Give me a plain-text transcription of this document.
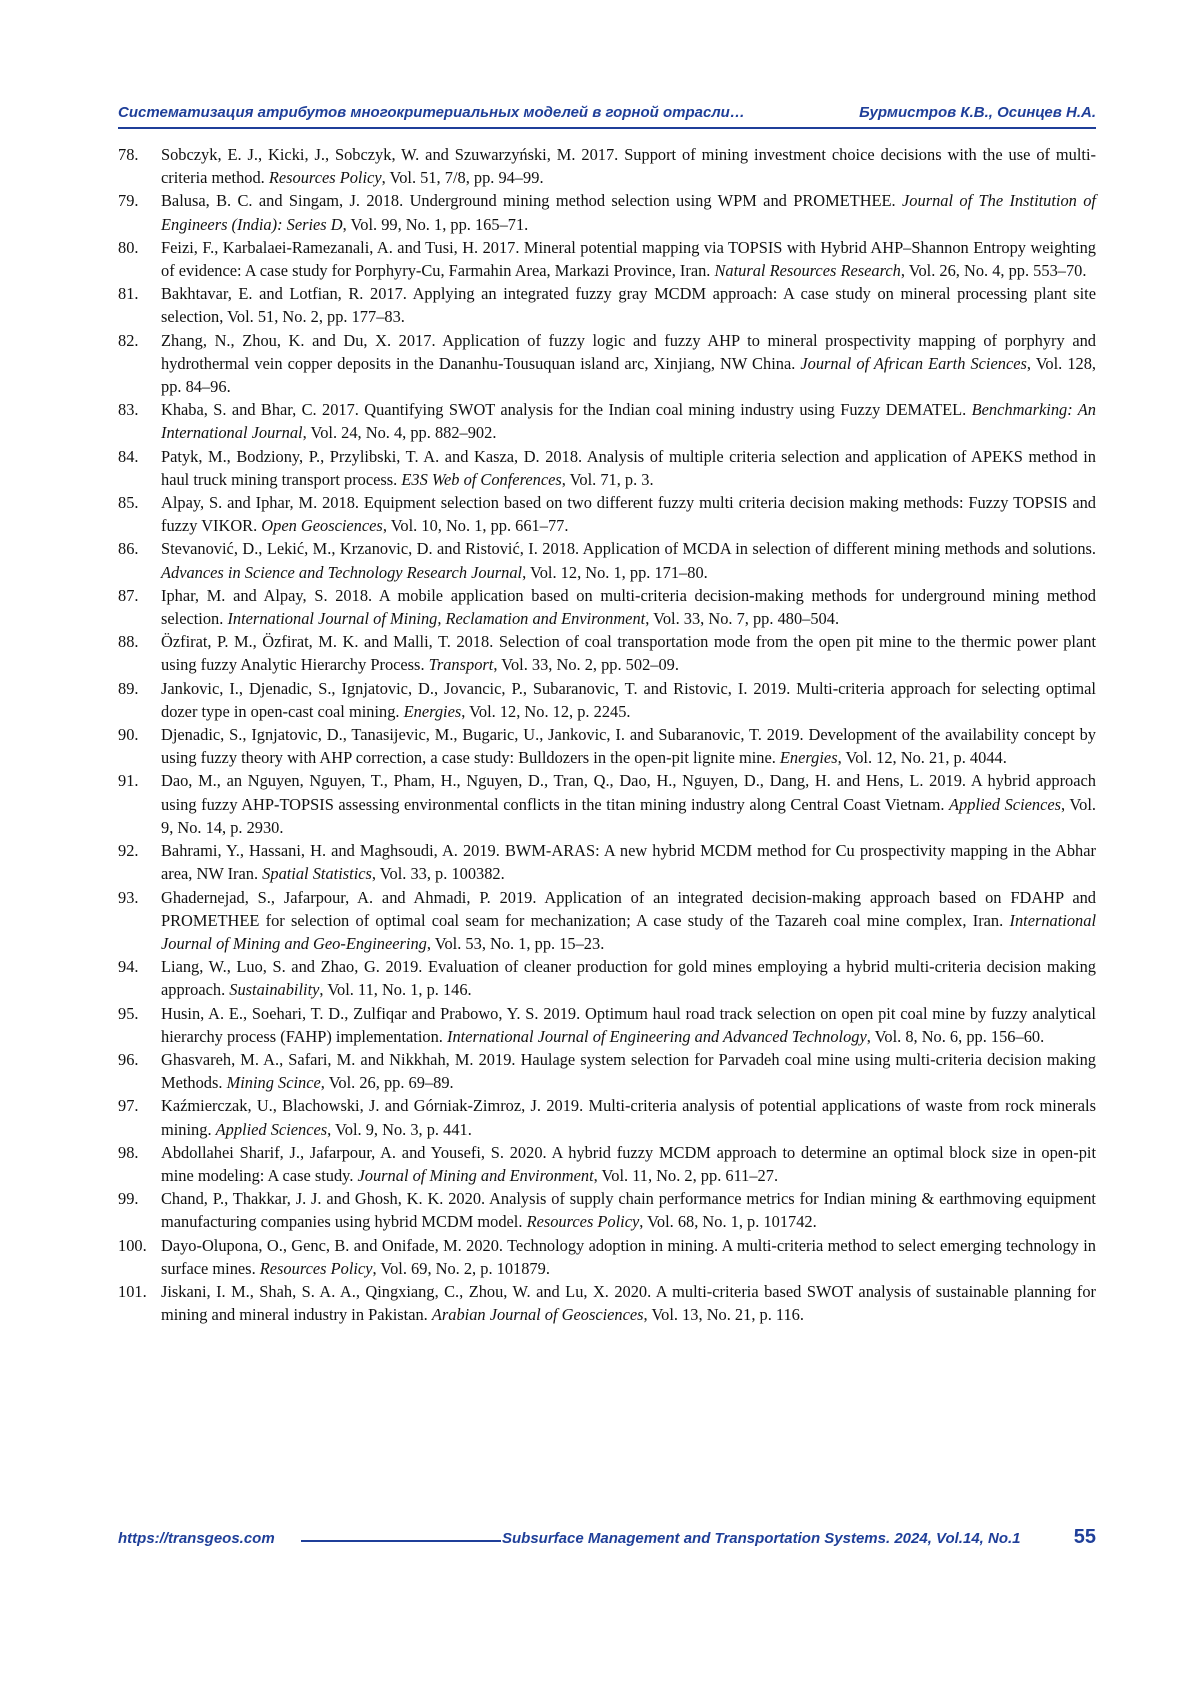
Систематизация атрибутов многокритериальных моделей в горной отрасли…	Бурмистров К.В., Осинцев Н.А.
78. Sobczyk, E. J., Kicki, J., Sobczyk, W. and Szuwarzyński, M. 2017. Support of mining investment choice decisions with the use of multi-criteria method. Resources Policy, Vol. 51, 7/8, pp. 94–99.
79. Balusa, B. C. and Singam, J. 2018. Underground mining method selection using WPM and PROMETHEE. Journal of The Institution of Engineers (India): Series D, Vol. 99, No. 1, pp. 165–71.
80. Feizi, F., Karbalaei-Ramezanali, A. and Tusi, H. 2017. Mineral potential mapping via TOPSIS with Hybrid AHP–Shannon Entropy weighting of evidence: A case study for Porphyry-Cu, Farmahin Area, Markazi Province, Iran. Natural Resources Research, Vol. 26, No. 4, pp. 553–70.
81. Bakhtavar, E. and Lotfian, R. 2017. Applying an integrated fuzzy gray MCDM approach: A case study on mineral processing plant site selection, Vol. 51, No. 2, pp. 177–83.
82. Zhang, N., Zhou, K. and Du, X. 2017. Application of fuzzy logic and fuzzy AHP to mineral prospectivity mapping of porphyry and hydrothermal vein copper deposits in the Dananhu-Tousuquan island arc, Xinjiang, NW China. Journal of African Earth Sciences, Vol. 128, pp. 84–96.
83. Khaba, S. and Bhar, C. 2017. Quantifying SWOT analysis for the Indian coal mining industry using Fuzzy DEMATEL. Benchmarking: An International Journal, Vol. 24, No. 4, pp. 882–902.
84. Patyk, M., Bodziony, P., Przylibski, T. A. and Kasza, D. 2018. Analysis of multiple criteria selection and application of APEKS method in haul truck mining transport process. E3S Web of Conferences, Vol. 71, p. 3.
85. Alpay, S. and Iphar, M. 2018. Equipment selection based on two different fuzzy multi criteria decision making methods: Fuzzy TOPSIS and fuzzy VIKOR. Open Geosciences, Vol. 10, No. 1, pp. 661–77.
86. Stevanović, D., Lekić, M., Krzanovic, D. and Ristović, I. 2018. Application of MCDA in selection of different mining methods and solutions. Advances in Science and Technology Research Journal, Vol. 12, No. 1, pp. 171–80.
87. Iphar, M. and Alpay, S. 2018. A mobile application based on multi-criteria decision-making methods for underground mining method selection. International Journal of Mining, Reclamation and Environment, Vol. 33, No. 7, pp. 480–504.
88. Özfirat, P. M., Özfirat, M. K. and Malli, T. 2018. Selection of coal transportation mode from the open pit mine to the thermic power plant using fuzzy Analytic Hierarchy Process. Transport, Vol. 33, No. 2, pp. 502–09.
89. Jankovic, I., Djenadic, S., Ignjatovic, D., Jovancic, P., Subaranovic, T. and Ristovic, I. 2019. Multi-criteria approach for selecting optimal dozer type in open-cast coal mining. Energies, Vol. 12, No. 12, p. 2245.
90. Djenadic, S., Ignjatovic, D., Tanasijevic, M., Bugaric, U., Jankovic, I. and Subaranovic, T. 2019. Development of the availability concept by using fuzzy theory with AHP correction, a case study: Bulldozers in the open-pit lignite mine. Energies, Vol. 12, No. 21, p. 4044.
91. Dao, M., an Nguyen, Nguyen, T., Pham, H., Nguyen, D., Tran, Q., Dao, H., Nguyen, D., Dang, H. and Hens, L. 2019. A hybrid approach using fuzzy AHP-TOPSIS assessing environmental conflicts in the titan mining industry along Central Coast Vietnam. Applied Sciences, Vol. 9, No. 14, p. 2930.
92. Bahrami, Y., Hassani, H. and Maghsoudi, A. 2019. BWM-ARAS: A new hybrid MCDM method for Cu prospectivity mapping in the Abhar area, NW Iran. Spatial Statistics, Vol. 33, p. 100382.
93. Ghadernejad, S., Jafarpour, A. and Ahmadi, P. 2019. Application of an integrated decision-making approach based on FDAHP and PROMETHEE for selection of optimal coal seam for mechanization; A case study of the Tazareh coal mine complex, Iran. International Journal of Mining and Geo-Engineering, Vol. 53, No. 1, pp. 15–23.
94. Liang, W., Luo, S. and Zhao, G. 2019. Evaluation of cleaner production for gold mines employing a hybrid multi-criteria decision making approach. Sustainability, Vol. 11, No. 1, p. 146.
95. Husin, A. E., Soehari, T. D., Zulfiqar and Prabowo, Y. S. 2019. Optimum haul road track selection on open pit coal mine by fuzzy analytical hierarchy process (FAHP) implementation. International Journal of Engineering and Advanced Technology, Vol. 8, No. 6, pp. 156–60.
96. Ghasvareh, M. A., Safari, M. and Nikkhah, M. 2019. Haulage system selection for Parvadeh coal mine using multi-criteria decision making Methods. Mining Scince, Vol. 26, pp. 69–89.
97. Kaźmierczak, U., Blachowski, J. and Górniak-Zimroz, J. 2019. Multi-criteria analysis of potential applications of waste from rock minerals mining. Applied Sciences, Vol. 9, No. 3, p. 441.
98. Abdollahei Sharif, J., Jafarpour, A. and Yousefi, S. 2020. A hybrid fuzzy MCDM approach to determine an optimal block size in open-pit mine modeling: A case study. Journal of Mining and Environment, Vol. 11, No. 2, pp. 611–27.
99. Chand, P., Thakkar, J. J. and Ghosh, K. K. 2020. Analysis of supply chain performance metrics for Indian mining & earthmoving equipment manufacturing companies using hybrid MCDM model. Resources Policy, Vol. 68, No. 1, p. 101742.
100. Dayo-Olupona, O., Genc, B. and Onifade, M. 2020. Technology adoption in mining. A multi-criteria method to select emerging technology in surface mines. Resources Policy, Vol. 69, No. 2, p. 101879.
101. Jiskani, I. M., Shah, S. A. A., Qingxiang, C., Zhou, W. and Lu, X. 2020. A multi-criteria based SWOT analysis of sustainable planning for mining and mineral industry in Pakistan. Arabian Journal of Geosciences, Vol. 13, No. 21, p. 116.
https://transgeos.com	Subsurface Management and Transportation Systems. 2024, Vol.14, No.1	55
